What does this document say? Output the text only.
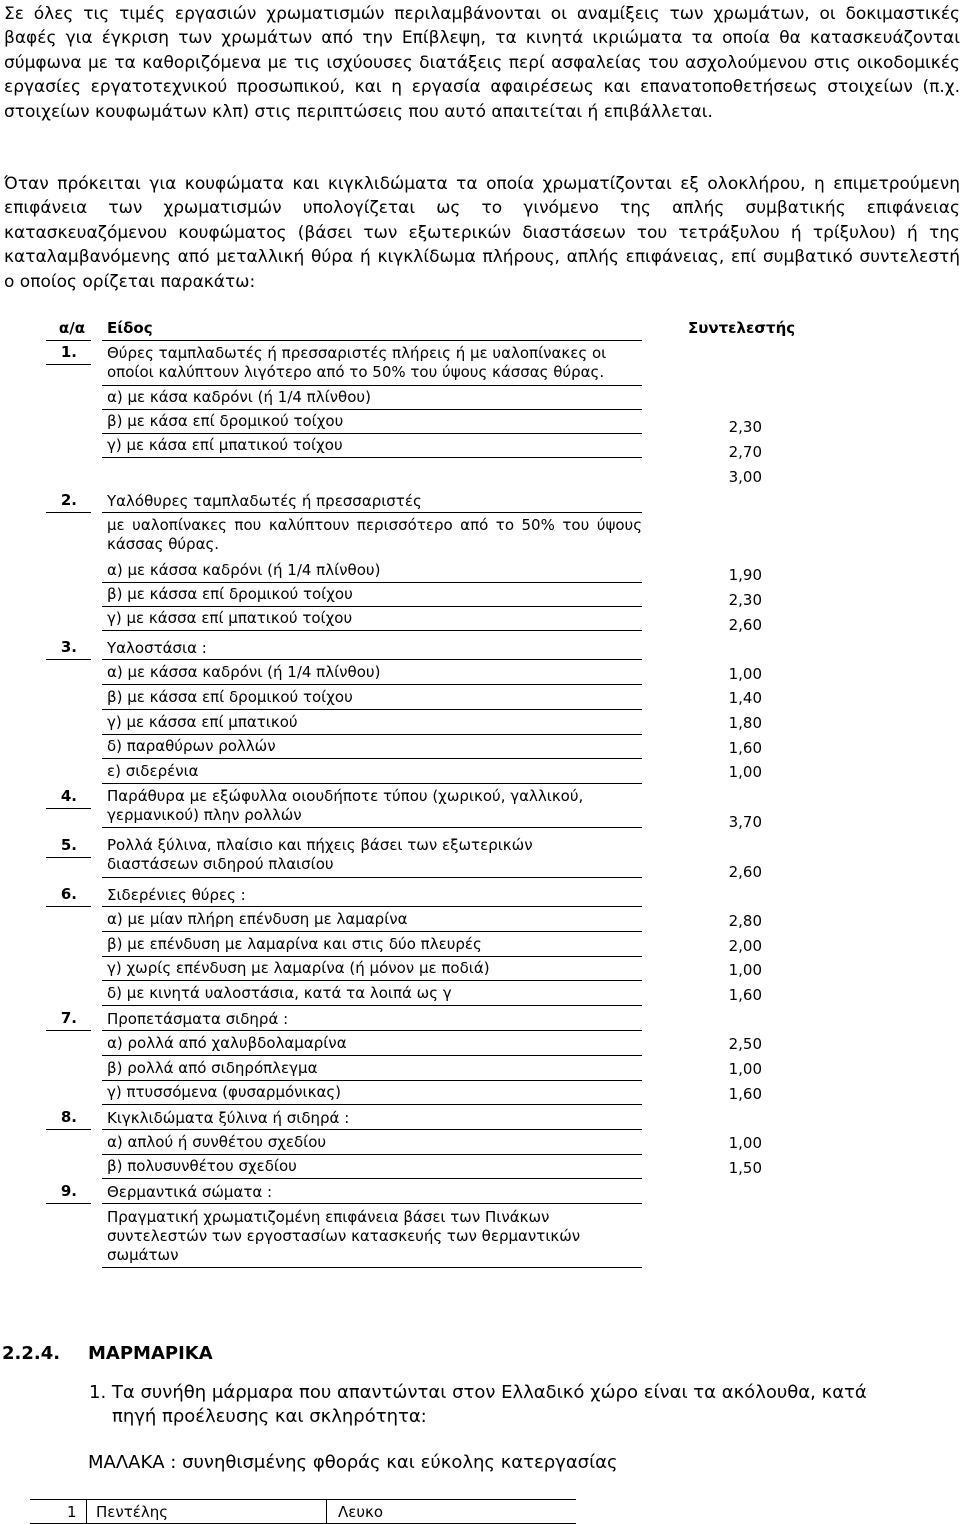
Σε όλες τις τιμές εργασιών χρωματισμών περιλαμβάνονται οι αναμίξεις των χρωμάτων, οι δοκιμαστικές βαφές για έγκριση των χρωμάτων από την Επίβλεψη, τα κινητά ικριώματα τα οποία θα κατασκευάζονται σύμφωνα με τα καθοριζόμενα με τις ισχύουσες διατάξεις περί ασφαλείας του ασχολούμενου στις οικοδομικές εργασίες εργατοτεχνικού προσωπικού, και η εργασία αφαιρέσεως και επανατοποθετήσεως στοιχείων (π.χ. στοιχείων κουφωμάτων κλπ) στις περιπτώσεις που αυτό απαιτείται ή επιβάλλεται.

Όταν πρόκειται για κουφώματα και κιγκλιδώματα τα οποία χρωματίζονται εξ ολοκλήρου, η επιμετρούμενη επιφάνεια των χρωματισμών υπολογίζεται ως το γινόμενο της απλής συμβατικής επιφάνειας κατασκευαζόμενου κουφώματος (βάσει των εξωτερικών διαστάσεων του τετράξυλου ή τρίξυλου) ή της καταλαμβανόμενης από μεταλλική θύρα ή κιγκλίδωμα πλήρους, απλής επιφάνειας, επί συμβατικό συντελεστή ο οποίος ορίζεται παρακάτω:

α/α Είδος	Συντελεστής
1.
2.
3.
4.
5.
6.
7.
8.
9.
Θύρες ταμπλαδωτές ή πρεσσαριστές πλήρεις ή με υαλοπίνακες οι οποίοι καλύπτουν λιγότερο από το 50% του ύψους κάσσας θύρας.
α) με κάσα καδρόνι (ή 1/4 πλίνθου)
β) με κάσα επί δρομικού τοίχου
γ) με κάσα επί μπατικού τοίχου
Υαλόθυρες ταμπλαδωτές ή πρεσσαριστές
με υαλοπίνακες που καλύπτουν περισσότερο από το 50% του ύψους κάσσας θύρας.
α) με κάσσα καδρόνι (ή 1/4 πλίνθου)
β) με κάσσα επί δρομικού τοίχου
γ) με κάσσα επί μπατικού τοίχου
Υαλοστάσια :
α) με κάσσα καδρόνι (ή 1/4 πλίνθου)
β) με κάσσα επί δρομικού τοίχου
γ) με κάσσα επί μπατικού
δ) παραθύρων ρολλών
ε) σιδερένια
Παράθυρα με εξώφυλλα οιουδήποτε τύπου (χωρικού, γαλλικού, γερμανικού) πλην ρολλών
Ρολλά ξύλινα, πλαίσιο και πήχεις βάσει των εξωτερικών διαστάσεων σιδηρού πλαισίου
Σιδερένιες θύρες :
α) με μίαν πλήρη επένδυση με λαμαρίνα
β) με επένδυση με λαμαρίνα και στις δύο πλευρές
γ) χωρίς επένδυση με λαμαρίνα (ή μόνον με ποδιά)
δ) με κινητά υαλοστάσια, κατά τα λοιπά ως γ
Προπετάσματα σιδηρά :
α) ρολλά από χαλυβδολαμαρίνα
β) ρολλά από σιδηρόπλεγμα
γ) πτυσσόμενα (φυσαρμόνικας)
Κιγκλιδώματα ξύλινα ή σιδηρά :
α) απλού ή συνθέτου σχεδίου
β) πολυσυνθέτου σχεδίου
Θερμαντικά σώματα :
Πραγματική χρωματιζομένη επιφάνεια βάσει των Πινάκων συντελεστών των εργοστασίων κατασκευής των θερμαντικών σωμάτων
2,30
2,70
3,00
1,90
2,30
2,60
1,00
1,40
1,80
1,60
1,00
3,70
2,60
2,80
2,00
1,00
1,60
2,50
1,00
1,60
1,00
1,50
2.2.4. ΜΑΡΜΑΡΙΚΑ
1. Τα συνήθη μάρμαρα που απαντώνται στον Ελλαδικό χώρο είναι τα ακόλουθα, κατά πηγή προέλευσης και σκληρότητα:
ΜΑΛΑΚΑ : συνηθισμένης φθοράς και εύκολης κατεργασίας
1 Πεντέλης	Λευκο
